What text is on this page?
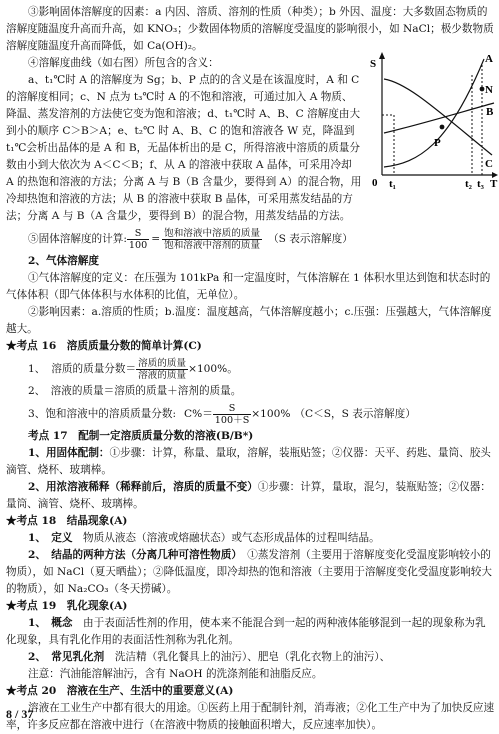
③影响固体溶解度的因素：a 内因、溶质、溶剂的性质（种类）；b 外因、温度：大多数固态物质的溶解度随温度升高而升高，如 KNO₃；少数固体物质的溶解度受温度的影响很小，如 NaCl；极少数物质溶解度随温度升高而降低，如 Ca(OH)₂。

④溶解度曲线（如右图）所包含的含义：

a、t₁℃时 A 的溶解度为 Sg；b、P 点的的含义是在该温度时，A 和 C 的溶解度相同；c、N 点为 t₃℃时 A 的不饱和溶液，可通过加入 A 物质、降温、蒸发溶剂的方法使它变为饱和溶液；d、t₁℃时 A、B、C 溶解度由大到小的顺序 C＞B＞A；e、t₂℃ 时 A、B、C 的饱和溶液各 W 克，降温到 t₁℃会析出晶体的是 A 和 B，无晶体析出的是 C，所得溶液中溶质的质量分数由小到大依次为 A＜C＜B；f、从 A 的溶液中获取 A 晶体，可采用冷却 A 的热饱和溶液的方法；分离 A 与 B（B 含量少，要得到 A）的混合物，用冷却热饱和溶液的方法；从 B 的溶液中获取 B 晶体，可采用蒸发结晶的方法；分离 A 与 B（A 含量少，要得到 B）的混合物，用蒸发结晶的方法。

S
T
0
A
B
C
N
P
t₁	t₂ t₃
⑤固体溶解度的计算: $\frac{S}{100} = \frac{\text{饱和溶液中溶质的质量}}{\text{饱和溶液中溶剂的质量}} (S$ 表示溶解度）

2、气体溶解度

①气体溶解度的定义：在压强为 101kPa 和一定温度时，气体溶解在 1 体积水里达到饱和状态时的气体体积（即气体体积与水体积的比值，无单位）。

②影响因素：a.溶质的性质；b.温度：温度越高，气体溶解度越小；c.压强：压强越大，气体溶解度越大。

★考点 16　溶质质量分数的简单计算(C)

1、 溶质的质量分数＝ $\frac{\text{溶质的质量}}{\text{溶液的质量}} \times 100\%$。

2、　溶液的质量＝溶质的质量＋溶剂的质量。

3、饱和溶液中的溶质质量分数: $C\%= \frac{S}{100+S} \times 100\%$ （C＜S，S 表示溶解度）

考点 17　配制一定溶质质量分数的溶液(B/B*)

1、用固体配制：①步骤：计算，称量、量取，溶解，装瓶贴签；②仪器：天平、药匙、量筒、胶头滴管、烧杯、玻璃棒。

2、用浓溶液稀释（稀释前后，溶质的质量不变）①步骤：计算，量取，混匀，装瓶贴签；②仪器：量筒、滴管、烧杯、玻璃棒。

★考点 18　结晶现象(A)

1、　定义　物质从液态（溶液或熔融状态）或气态形成晶体的过程叫结晶。

2、　结晶的两种方法（分离几种可溶性物质）　①蒸发溶剂（主要用于溶解度变化受温度影响较小的物质），如 NaCl（夏天晒盐）；②降低温度，即冷却热的饱和溶液（主要用于溶解度变化受温度影响较大的物质），如 Na₂CO₃（冬天捞碱）。

★考点 19　乳化现象(A)

1、　概念　由于表面活性剂的作用，使本来不能混合到一起的两种液体能够混到一起的现象称为乳化现象，具有乳化作用的表面活性剂称为乳化剂。

2、　常见乳化剂　洗洁精（乳化餐具上的油污）、肥皂（乳化衣物上的油污）、

注意：汽油能溶解油污，含有 NaOH 的洗涤剂能和油脂反应。

★考点 20　溶液在生产、生活中的重要意义(A)

溶液在工业生产中都有很大的用途。①医药上用于配制针剂，消毒液；②化工生产中为了加快反应速率，许多反应都在溶液中进行（在溶液中物质的接触面积增大，反应速率加快）。

8 / 37
